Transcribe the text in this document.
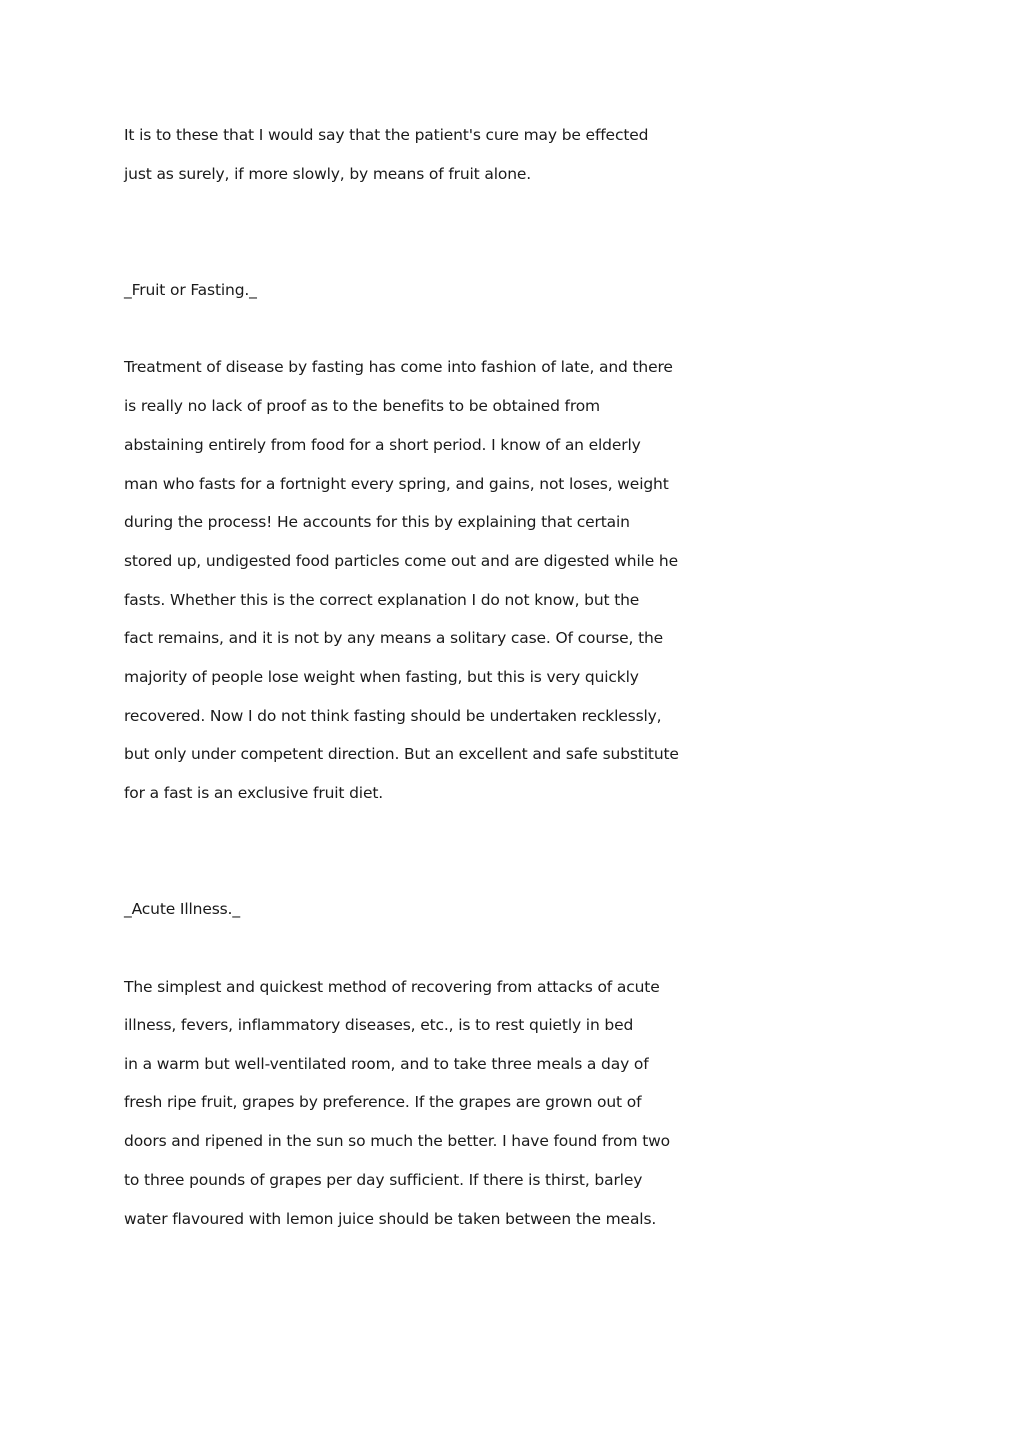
It is to these that I would say that the patient's cure may be effected
just as surely, if more slowly, by means of fruit alone.
_Fruit or Fasting._
Treatment of disease by fasting has come into fashion of late, and there
is really no lack of proof as to the benefits to be obtained from
abstaining entirely from food for a short period. I know of an elderly
man who fasts for a fortnight every spring, and gains, not loses, weight
during the process! He accounts for this by explaining that certain
stored up, undigested food particles come out and are digested while he
fasts. Whether this is the correct explanation I do not know, but the
fact remains, and it is not by any means a solitary case. Of course, the
majority of people lose weight when fasting, but this is very quickly
recovered. Now I do not think fasting should be undertaken recklessly,
but only under competent direction. But an excellent and safe substitute
for a fast is an exclusive fruit diet.
_Acute Illness._
The simplest and quickest method of recovering from attacks of acute
illness, fevers, inflammatory diseases, etc., is to rest quietly in bed
in a warm but well-ventilated room, and to take three meals a day of
fresh ripe fruit, grapes by preference. If the grapes are grown out of
doors and ripened in the sun so much the better. I have found from two
to three pounds of grapes per day sufficient. If there is thirst, barley
water flavoured with lemon juice should be taken between the meals.
